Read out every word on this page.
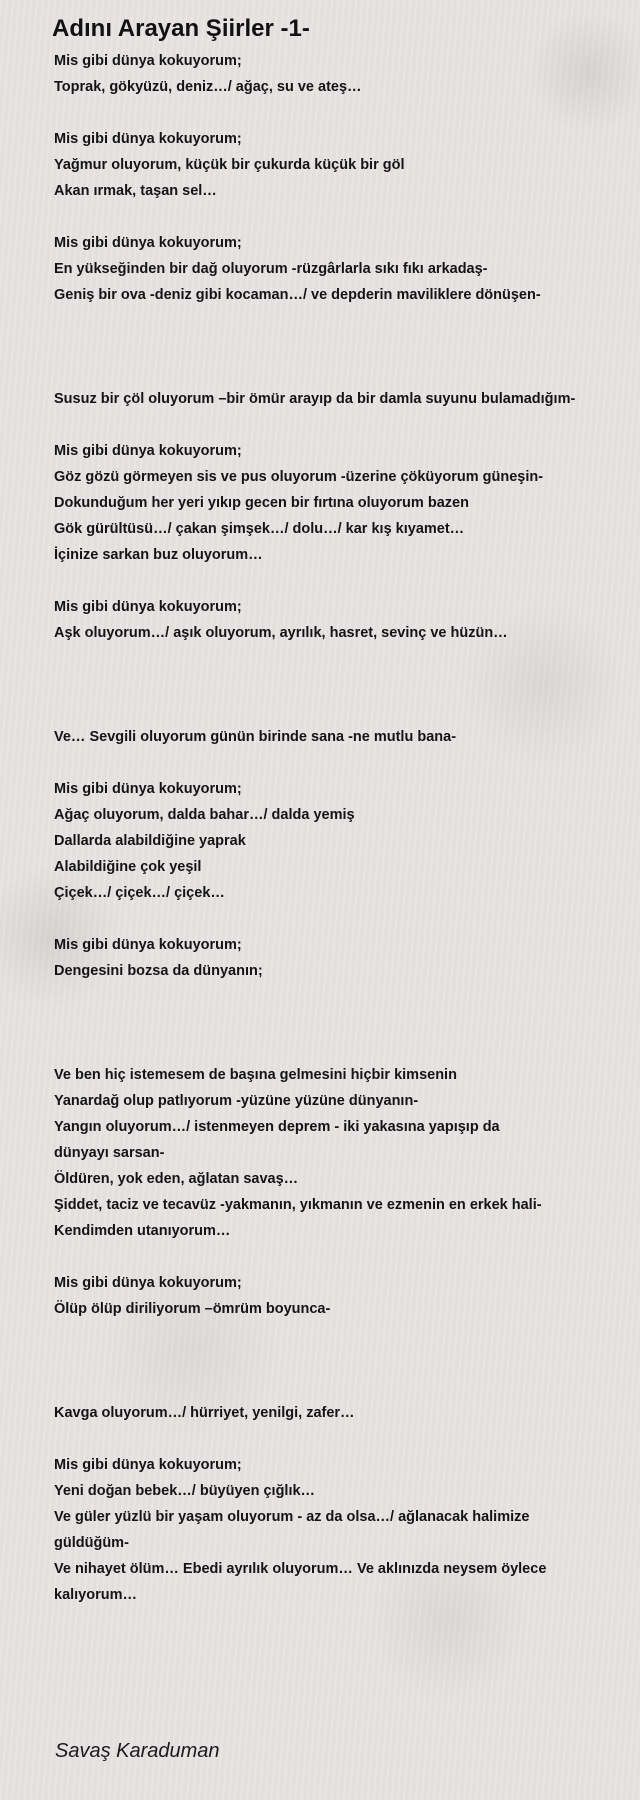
Adını Arayan Şiirler -1-
Mis gibi dünya kokuyorum;
Toprak, gökyüzü, deniz…/ ağaç, su ve ateş…
Mis gibi dünya kokuyorum;
Yağmur oluyorum, küçük bir çukurda küçük bir göl
Akan ırmak, taşan sel…
Mis gibi dünya kokuyorum;
En yükseğinden bir dağ oluyorum -rüzgârlarla sıkı fıkı arkadaş-
Geniş bir ova -deniz gibi kocaman…/ ve depderin maviliklere dönüşen-
Susuz bir çöl oluyorum –bir ömür arayıp da bir damla suyunu bulamadığım-
Mis gibi dünya kokuyorum;
Göz gözü görmeyen sis ve pus oluyorum -üzerine çöküyorum güneşin-
Dokunduğum her yeri yıkıp gecen bir fırtına oluyorum bazen
Gök gürültüsü…/ çakan şimşek…/ dolu…/ kar kış kıyamet…
İçinize sarkan buz oluyorum…
Mis gibi dünya kokuyorum;
Aşk oluyorum…/ aşık oluyorum, ayrılık, hasret, sevinç ve hüzün…
Ve… Sevgili oluyorum günün birinde sana -ne mutlu bana-
Mis gibi dünya kokuyorum;
Ağaç oluyorum, dalda bahar…/ dalda yemiş
Dallarda alabildiğine yaprak
Alabildiğine çok yeşil
Çiçek…/ çiçek…/ çiçek…
Mis gibi dünya kokuyorum;
Dengesini bozsa da dünyanın;
Ve ben hiç istemesem de başına gelmesini hiçbir kimsenin
Yanardağ olup patlıyorum -yüzüne yüzüne dünyanın-
Yangın oluyorum…/ istenmeyen deprem - iki yakasına yapışıp da
dünyayı sarsan-
Öldüren, yok eden, ağlatan savaş…
Şiddet, taciz ve tecavüz -yakmanın, yıkmanın ve ezmenin en erkek hali-
Kendimden utanıyorum…
Mis gibi dünya kokuyorum;
Ölüp ölüp diriliyorum –ömrüm boyunca-
Kavga oluyorum…/ hürriyet, yenilgi, zafer…
Mis gibi dünya kokuyorum;
Yeni doğan bebek…/ büyüyen çığlık…
Ve güler yüzlü bir yaşam oluyorum - az da olsa…/ ağlanacak halimize
güldüğüm-
Ve nihayet ölüm… Ebedi ayrılık oluyorum… Ve aklınızda neysem öylece
kalıyorum…
Savaş Karaduman
